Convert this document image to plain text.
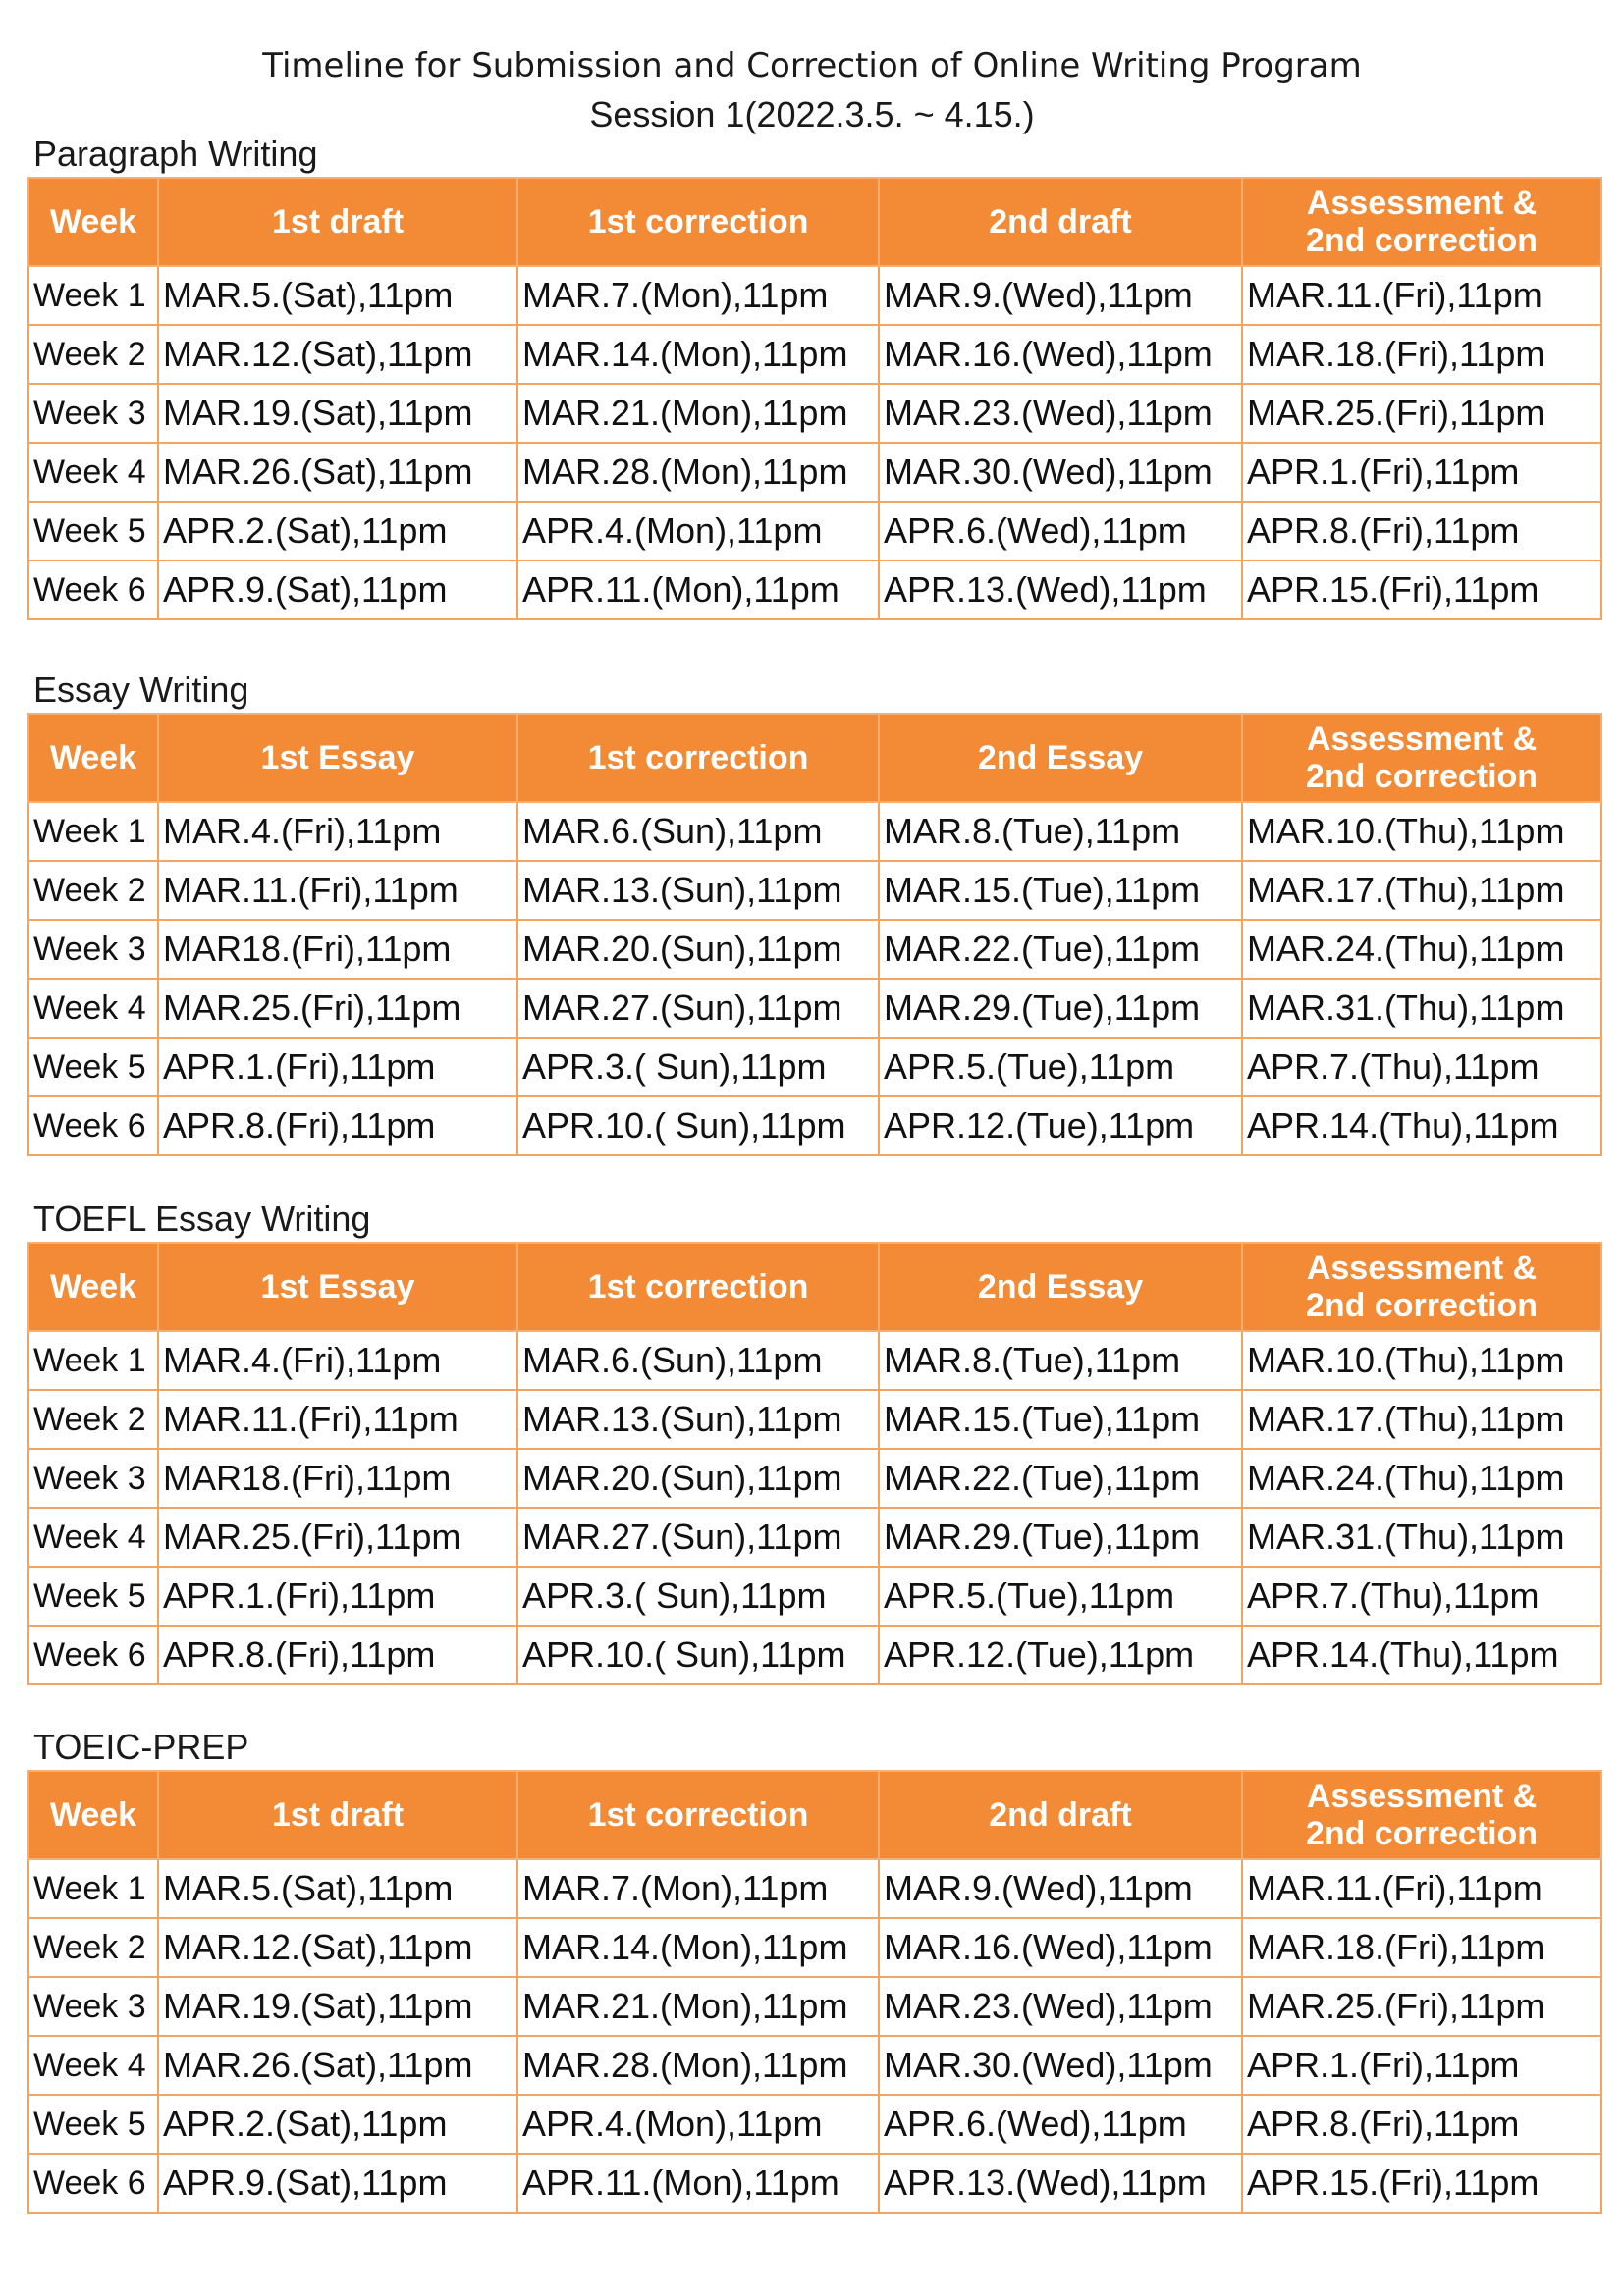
Timeline for Submission and Correction of Online Writing Program
Session 1(2022.3.5. ~ 4.15.)
Paragraph Writing
Week	1st draft	1st correction	2nd draft	Assessment &
2nd correction

Week 1	MAR.5.(Sat),11pm	MAR.7.(Mon),11pm	MAR.9.(Wed),11pm	MAR.11.(Fri),11pm
Week 2	MAR.12.(Sat),11pm	MAR.14.(Mon),11pm	MAR.16.(Wed),11pm	MAR.18.(Fri),11pm
Week 3	MAR.19.(Sat),11pm	MAR.21.(Mon),11pm	MAR.23.(Wed),11pm	MAR.25.(Fri),11pm
Week 4	MAR.26.(Sat),11pm	MAR.28.(Mon),11pm	MAR.30.(Wed),11pm	APR.1.(Fri),11pm
Week 5	APR.2.(Sat),11pm	APR.4.(Mon),11pm	APR.6.(Wed),11pm	APR.8.(Fri),11pm
Week 6	APR.9.(Sat),11pm	APR.11.(Mon),11pm	APR.13.(Wed),11pm	APR.15.(Fri),11pm
Essay Writing
Week	1st Essay	1st correction	2nd Essay	Assessment &
2nd correction

Week 1	MAR.4.(Fri),11pm	MAR.6.(Sun),11pm	MAR.8.(Tue),11pm	MAR.10.(Thu),11pm
Week 2	MAR.11.(Fri),11pm	MAR.13.(Sun),11pm	MAR.15.(Tue),11pm	MAR.17.(Thu),11pm
Week 3	MAR18.(Fri),11pm	MAR.20.(Sun),11pm	MAR.22.(Tue),11pm	MAR.24.(Thu),11pm
Week 4	MAR.25.(Fri),11pm	MAR.27.(Sun),11pm	MAR.29.(Tue),11pm	MAR.31.(Thu),11pm
Week 5	APR.1.(Fri),11pm	APR.3.( Sun),11pm	APR.5.(Tue),11pm	APR.7.(Thu),11pm
Week 6	APR.8.(Fri),11pm	APR.10.( Sun),11pm	APR.12.(Tue),11pm	APR.14.(Thu),11pm
TOEFL Essay Writing
Week	1st Essay	1st correction	2nd Essay	Assessment &
2nd correction

Week 1	MAR.4.(Fri),11pm	MAR.6.(Sun),11pm	MAR.8.(Tue),11pm	MAR.10.(Thu),11pm
Week 2	MAR.11.(Fri),11pm	MAR.13.(Sun),11pm	MAR.15.(Tue),11pm	MAR.17.(Thu),11pm
Week 3	MAR18.(Fri),11pm	MAR.20.(Sun),11pm	MAR.22.(Tue),11pm	MAR.24.(Thu),11pm
Week 4	MAR.25.(Fri),11pm	MAR.27.(Sun),11pm	MAR.29.(Tue),11pm	MAR.31.(Thu),11pm
Week 5	APR.1.(Fri),11pm	APR.3.( Sun),11pm	APR.5.(Tue),11pm	APR.7.(Thu),11pm
Week 6	APR.8.(Fri),11pm	APR.10.( Sun),11pm	APR.12.(Tue),11pm	APR.14.(Thu),11pm
TOEIC-PREP
Week	1st draft	1st correction	2nd draft	Assessment &
2nd correction

Week 1	MAR.5.(Sat),11pm	MAR.7.(Mon),11pm	MAR.9.(Wed),11pm	MAR.11.(Fri),11pm
Week 2	MAR.12.(Sat),11pm	MAR.14.(Mon),11pm	MAR.16.(Wed),11pm	MAR.18.(Fri),11pm
Week 3	MAR.19.(Sat),11pm	MAR.21.(Mon),11pm	MAR.23.(Wed),11pm	MAR.25.(Fri),11pm
Week 4	MAR.26.(Sat),11pm	MAR.28.(Mon),11pm	MAR.30.(Wed),11pm	APR.1.(Fri),11pm
Week 5	APR.2.(Sat),11pm	APR.4.(Mon),11pm	APR.6.(Wed),11pm	APR.8.(Fri),11pm
Week 6	APR.9.(Sat),11pm	APR.11.(Mon),11pm	APR.13.(Wed),11pm	APR.15.(Fri),11pm
